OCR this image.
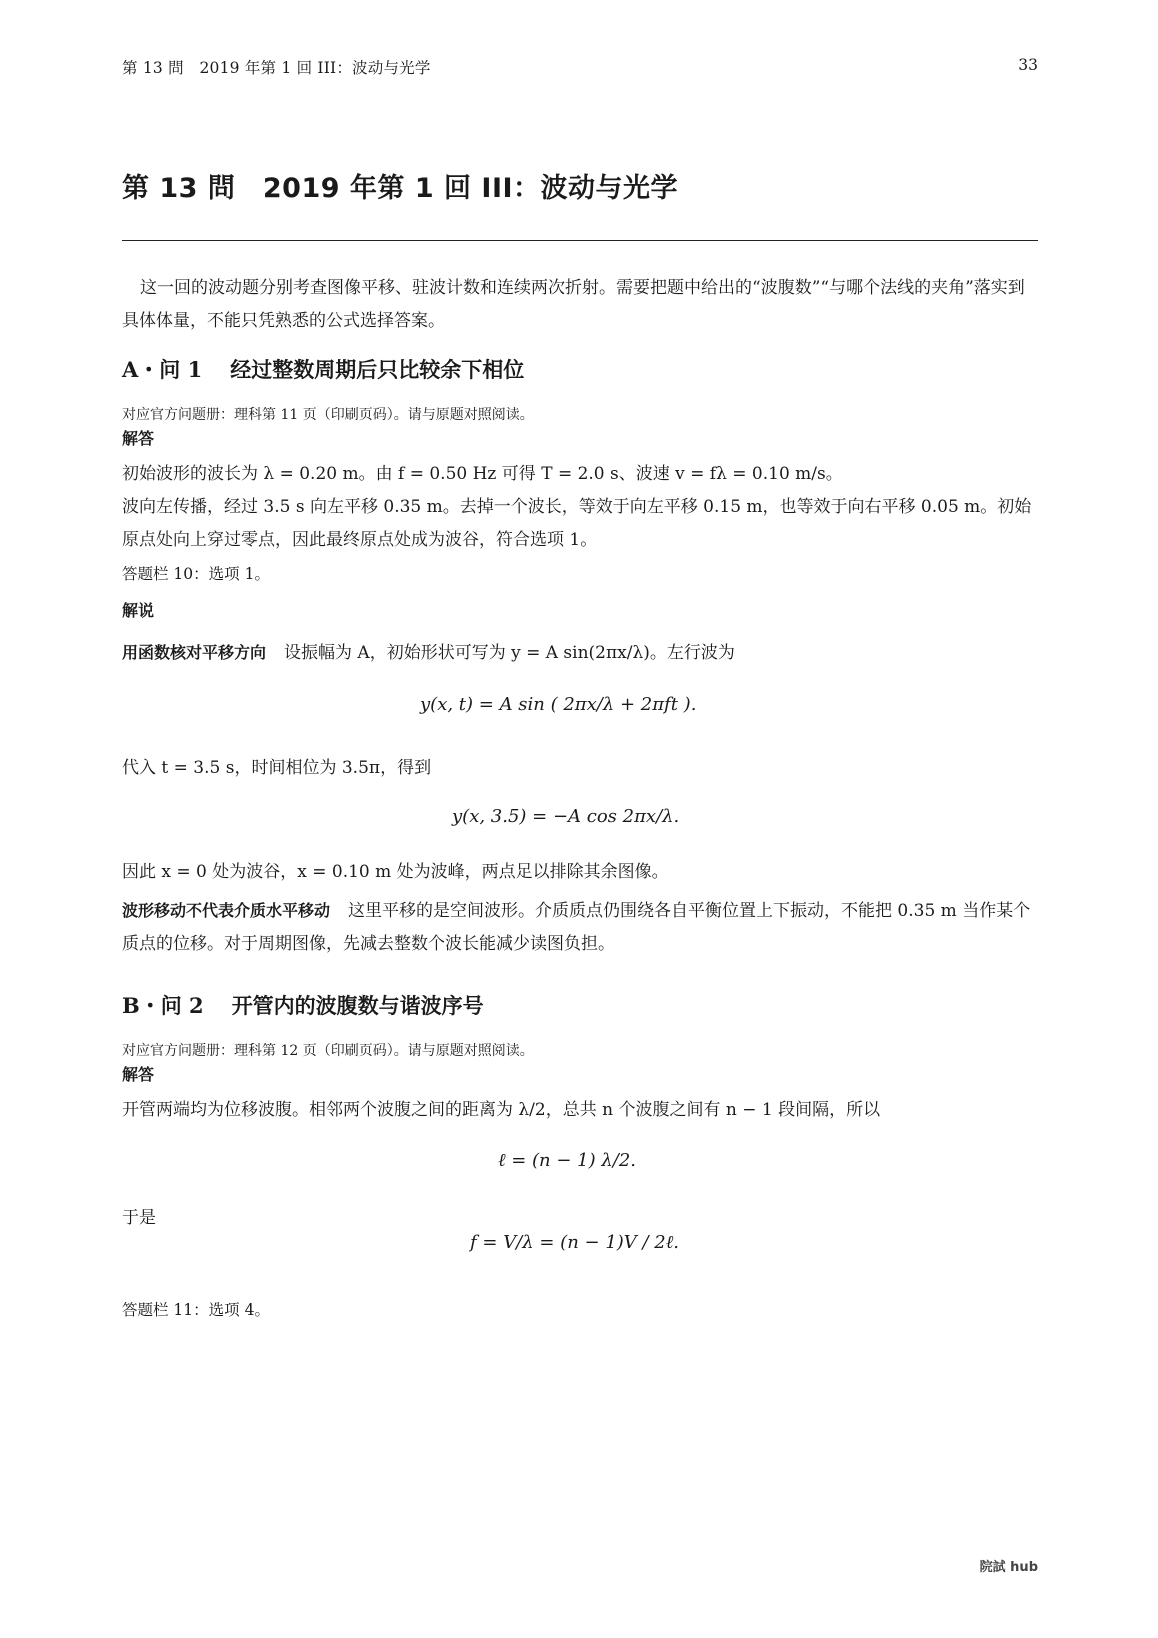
第 13 問　2019 年第 1 回 III：波动与光学	33
第 13 問　2019 年第 1 回 III：波动与光学

这一回的波动题分别考查图像平移、驻波计数和连续两次折射。需要把题中给出的“波腹数”“与哪个法线的夹角”落实到具体体量，不能只凭熟悉的公式选择答案。

A・问 1 经过整数周期后只比较余下相位
对应官方问题册：理科第 11 页（印刷页码）。请与原题对照阅读。
解答

初始波形的波长为 λ = 0.20 m。由 f = 0.50 Hz 可得 T = 2.0 s、波速 v = fλ = 0.10 m/s。

波向左传播，经过 3.5 s 向左平移 0.35 m。去掉一个波长，等效于向左平移 0.15 m，也等效于向右平移 0.05 m。初始原点处向上穿过零点，因此最终原点处成为波谷，符合选项 1。

答题栏 10：选项 1。
解说

用函数核对平移方向 设振幅为 A，初始形状可写为 y = A sin(2πx/λ)。左行波为

y(x, t) = A sin ( 2πx/λ + 2πft ).

代入 t = 3.5 s，时间相位为 3.5π，得到

y(x, 3.5) = −A cos 2πx/λ.

因此 x = 0 处为波谷，x = 0.10 m 处为波峰，两点足以排除其余图像。

波形移动不代表介质水平移动 这里平移的是空间波形。介质质点仍围绕各自平衡位置上下振动，不能把 0.35 m 当作某个质点的位移。对于周期图像，先减去整数个波长能减少读图负担。

B・问 2 开管内的波腹数与谐波序号
对应官方问题册：理科第 12 页（印刷页码）。请与原题对照阅读。
解答

开管两端均为位移波腹。相邻两个波腹之间的距离为 λ/2，总共 n 个波腹之间有 n − 1 段间隔，所以

ℓ = (n − 1) λ/2.

于是

f = V/λ = (n − 1)V / 2ℓ.
答题栏 11：选项 4。
院試 hub
